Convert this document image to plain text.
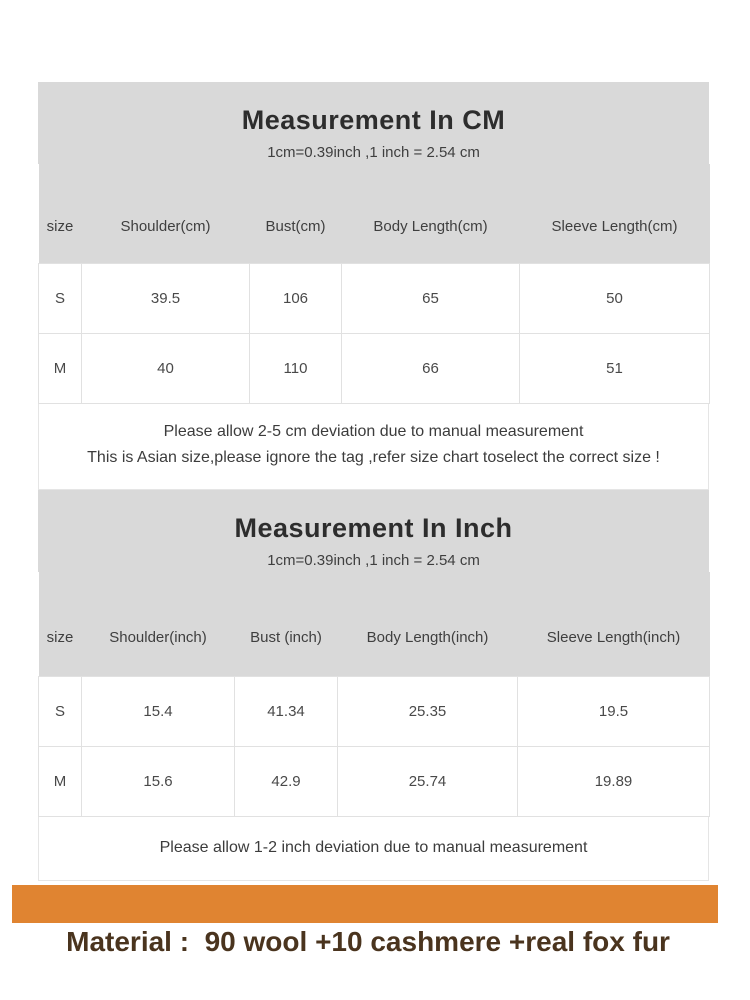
Measurement In CM
1cm=0.39inch ,1 inch = 2.54 cm
size	Shoulder(cm)	Bust(cm)	Body Length(cm)	Sleeve Length(cm)
S	39.5	106	65	50
M	40	110	66	51

Please allow 2-5 cm deviation due to manual measurement

This is Asian size,please ignore the tag ,refer size chart toselect the correct size !

Measurement In Inch
1cm=0.39inch ,1 inch = 2.54 cm
size	Shoulder(inch)	Bust (inch)	Body Length(inch)	Sleeve Length(inch)
S	15.4	41.34	25.35	19.5
M	15.6	42.9	25.74	19.89

Please allow 1-2 inch deviation due to manual measurement

Material :  90 wool +10 cashmere +real fox fur
